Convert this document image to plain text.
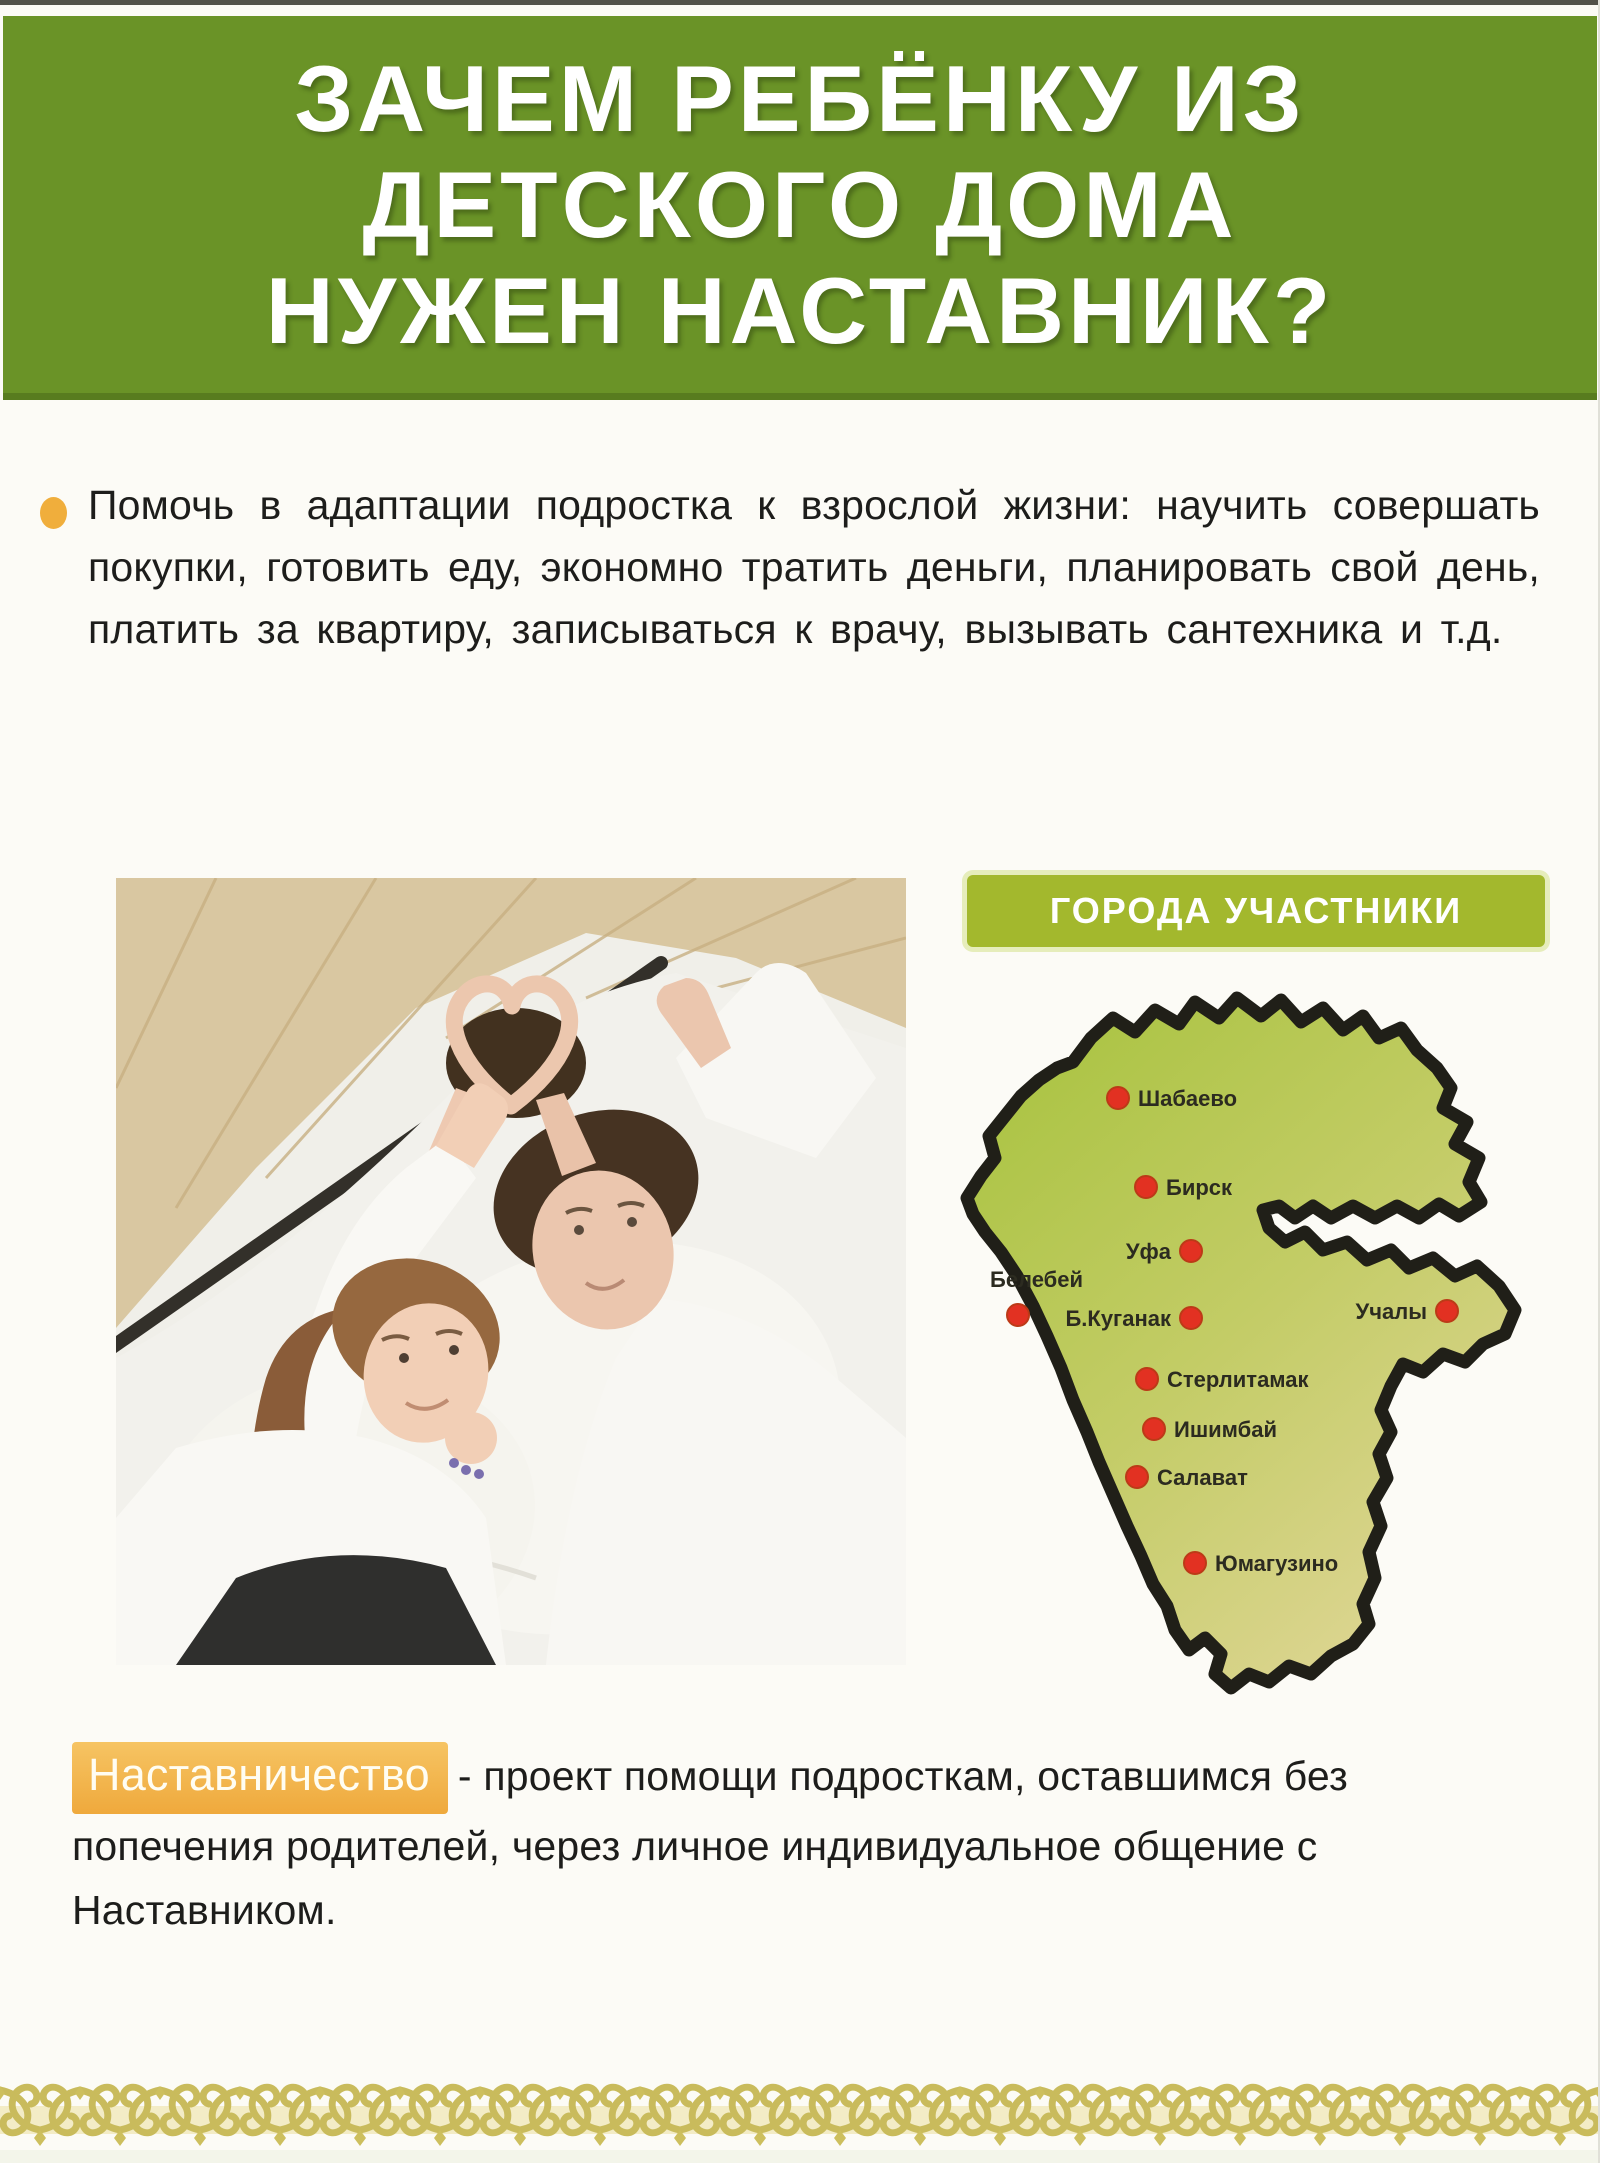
ЗАЧЕМ РЕБЁНКУ ИЗ
ДЕТСКОГО ДОМА
НУЖЕН НАСТАВНИК?

Помочь в адаптации подростка к взрослой жизни: научить совершать покупки, готовить еду, экономно тратить деньги, планировать свой день, платить за квартиру, записываться к врачу, вызывать сантехника и т.д.

ГОРОДА УЧАСТНИКИ
Шабаево
Бирск
Уфа
Белебей
Б.Куганак	Учалы
Стерлитамак
Ишимбай
Салават
Юмагузино

Наставничество - проект помощи подросткам, оставшимся без попечения родителей, через личное индивидуальное общение с Наставником.
